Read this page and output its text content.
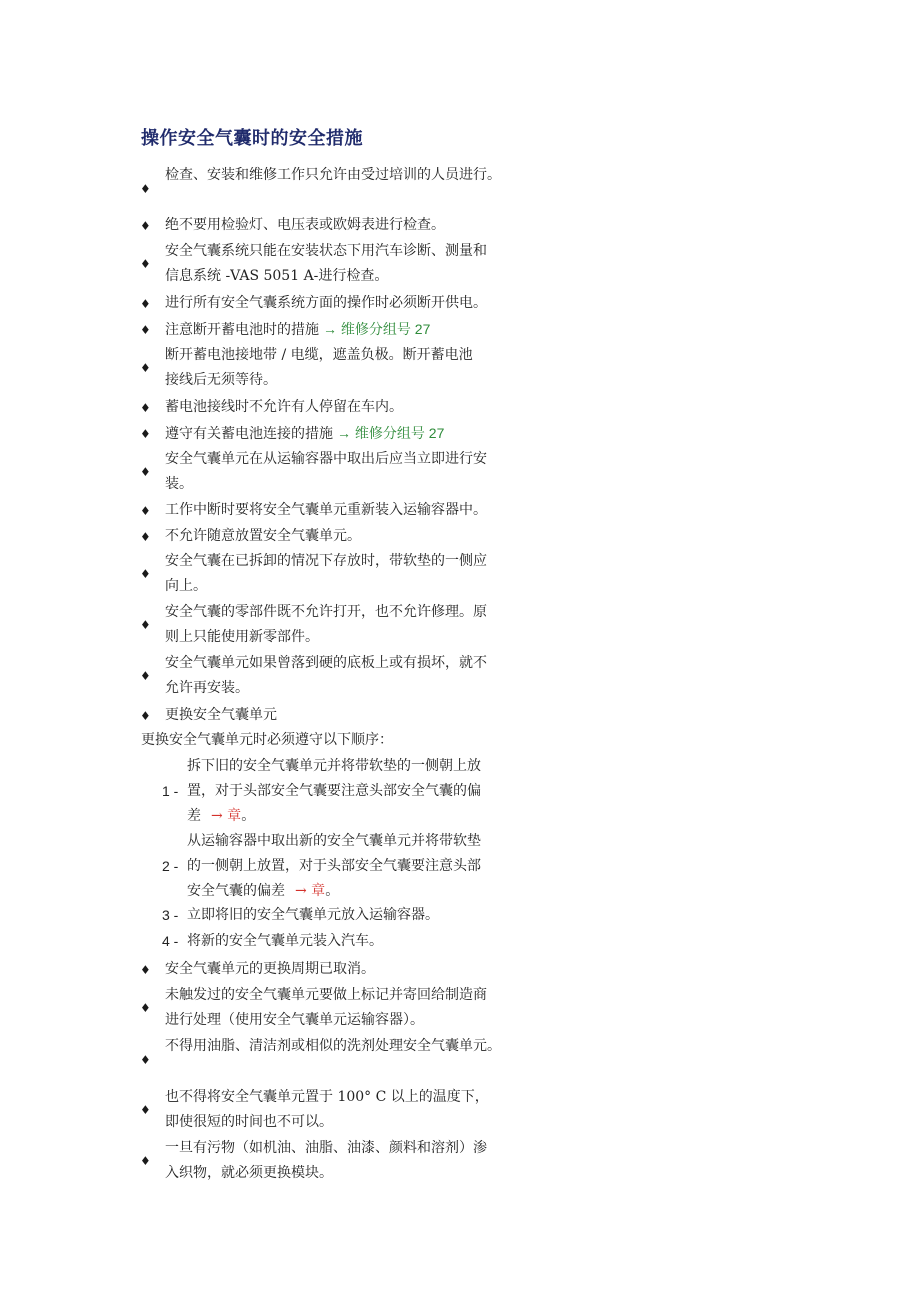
操作安全气囊时的安全措施
♦
检查、安装和维修工作只允许由受过培训的人员进行。
♦ 绝不要用检验灯、电压表或欧姆表进行检查。
♦
安全气囊系统只能在安装状态下用汽车诊断、测量和
信息系统 -VAS 5051 A-进行检查。
♦ 进行所有安全气囊系统方面的操作时必须断开供电。
♦ 注意断开蓄电池时的措施 → 维修分组号 27
♦
断开蓄电池接地带 / 电缆，遮盖负极。断开蓄电池
接线后无须等待。
♦ 蓄电池接线时不允许有人停留在车内。
♦ 遵守有关蓄电池连接的措施 → 维修分组号 27
♦
安全气囊单元在从运输容器中取出后应当立即进行安
装。
♦ 工作中断时要将安全气囊单元重新装入运输容器中。
♦ 不允许随意放置安全气囊单元。
♦
安全气囊在已拆卸的情况下存放时，带软垫的一侧应
向上。
♦
安全气囊的零部件既不允许打开，也不允许修理。原
则上只能使用新零部件。
♦
安全气囊单元如果曾落到硬的底板上或有损坏，就不
允许再安装。
♦ 更换安全气囊单元
更换安全气囊单元时必须遵守以下顺序：
1 -
拆下旧的安全气囊单元并将带软垫的一侧朝上放
置，对于头部安全气囊要注意头部安全气囊的偏
差 → 章。
2 -
从运输容器中取出新的安全气囊单元并将带软垫
的一侧朝上放置，对于头部安全气囊要注意头部
安全气囊的偏差 → 章。
3 - 立即将旧的安全气囊单元放入运输容器。
4 - 将新的安全气囊单元装入汽车。
♦ 安全气囊单元的更换周期已取消。
♦
未触发过的安全气囊单元要做上标记并寄回给制造商
进行处理（使用安全气囊单元运输容器）。
♦
不得用油脂、清洁剂或相似的洗剂处理安全气囊单元。
♦
也不得将安全气囊单元置于 100° C 以上的温度下，
即使很短的时间也不可以。
♦
一旦有污物（如机油、油脂、油漆、颜料和溶剂）渗
入织物，就必须更换模块。
